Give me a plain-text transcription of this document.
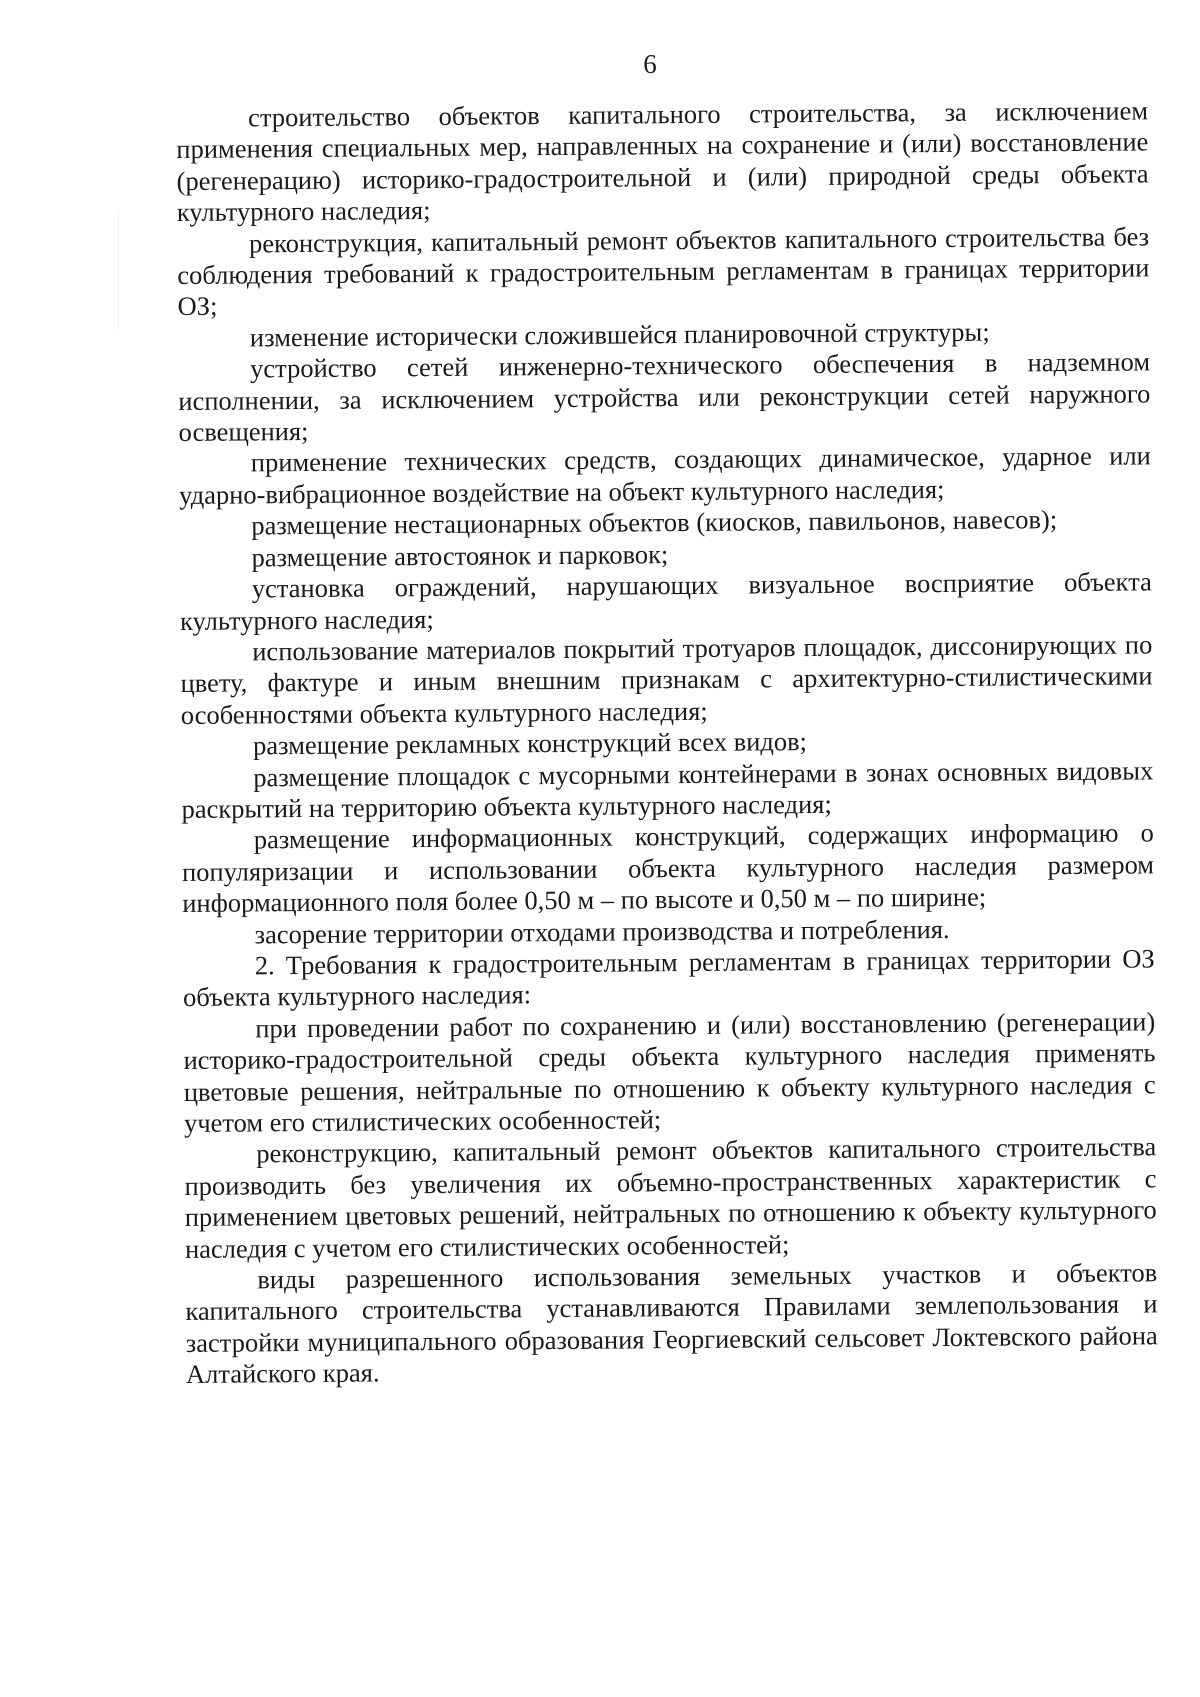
6

строительство объектов капитального строительства, за исключением применения специальных мер, направленных на сохранение и (или) восстановление (регенерацию) историко-градостроительной и (или) природной среды объекта культурного наследия;

реконструкция, капитальный ремонт объектов капитального строительства без соблюдения требований к градостроительным регламентам в границах территории ОЗ;

изменение исторически сложившейся планировочной структуры;

устройство сетей инженерно-технического обеспечения в надземном исполнении, за исключением устройства или реконструкции сетей наружного освещения;

применение технических средств, создающих динамическое, ударное или ударно-вибрационное воздействие на объект культурного наследия;

размещение нестационарных объектов (киосков, павильонов, навесов);

размещение автостоянок и парковок;

установка ограждений, нарушающих визуальное восприятие объекта культурного наследия;

использование материалов покрытий тротуаров площадок, диссонирующих по цвету, фактуре и иным внешним признакам с архитектурно-стилистическими особенностями объекта культурного наследия;

размещение рекламных конструкций всех видов;

размещение площадок с мусорными контейнерами в зонах основных видовых раскрытий на территорию объекта культурного наследия;

размещение информационных конструкций, содержащих информацию о популяризации и использовании объекта культурного наследия размером информационного поля более 0,50 м – по высоте и 0,50 м – по ширине;

засорение территории отходами производства и потребления.

2. Требования к градостроительным регламентам в границах территории ОЗ объекта культурного наследия:

при проведении работ по сохранению и (или) восстановлению (регенерации) историко-градостроительной среды объекта культурного наследия применять цветовые решения, нейтральные по отношению к объекту культурного наследия с учетом его стилистических особенностей;

реконструкцию, капитальный ремонт объектов капитального строительства производить без увеличения их объемно-пространственных характеристик с применением цветовых решений, нейтральных по отношению к объекту культурного наследия с учетом его стилистических особенностей;

виды разрешенного использования земельных участков и объектов капитального строительства устанавливаются Правилами землепользования и застройки муниципального образования Георгиевский сельсовет Локтевского района Алтайского края.
